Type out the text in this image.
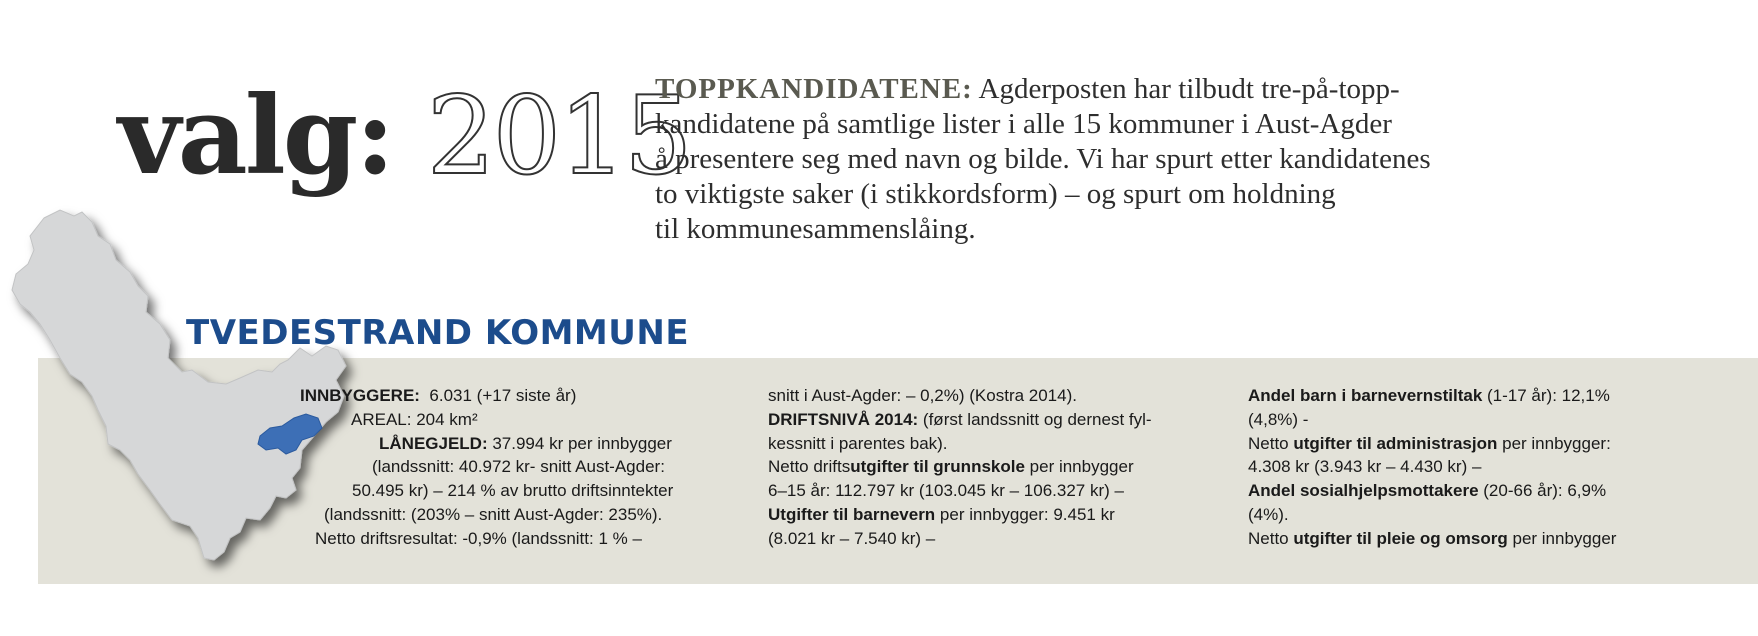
valg: 2015

TOPPKANDIDATENE: Agderposten har tilbudt tre-på-topp-
kandidatene på samtlige lister i alle 15 kommuner i Aust-Agder
å presentere seg med navn og bilde. Vi har spurt etter kandidatenes
to viktigste saker (i stikkordsform) – og spurt om holdning
til kommunesammenslåing.

TVEDESTRAND KOMMUNE
INNBYGGERE: 6.031 (+17 siste år)
AREAL: 204 km²
LÅNEGJELD: 37.994 kr per innbygger
(landssnitt: 40.972 kr- snitt Aust-Agder:
50.495 kr) – 214 % av brutto driftsinntekter
(landssnitt: (203% – snitt Aust-Agder: 235%).
Netto driftsresultat: -0,9% (landssnitt: 1 % –
snitt i Aust-Agder: – 0,2%) (Kostra 2014).
DRIFTSNIVÅ 2014: (først landssnitt og dernest fyl-
kessnitt i parentes bak).
Netto driftsutgifter til grunnskole per innbygger
6–15 år: 112.797 kr (103.045 kr – 106.327 kr) –
Utgifter til barnevern per innbygger: 9.451 kr
(8.021 kr – 7.540 kr) –
Andel barn i barnevernstiltak (1-17 år): 12,1%
(4,8%) -
Netto utgifter til administrasjon per innbygger:
4.308 kr (3.943 kr – 4.430 kr) –
Andel sosialhjelpsmottakere (20-66 år): 6,9%
(4%).
Netto utgifter til pleie og omsorg per innbygger
